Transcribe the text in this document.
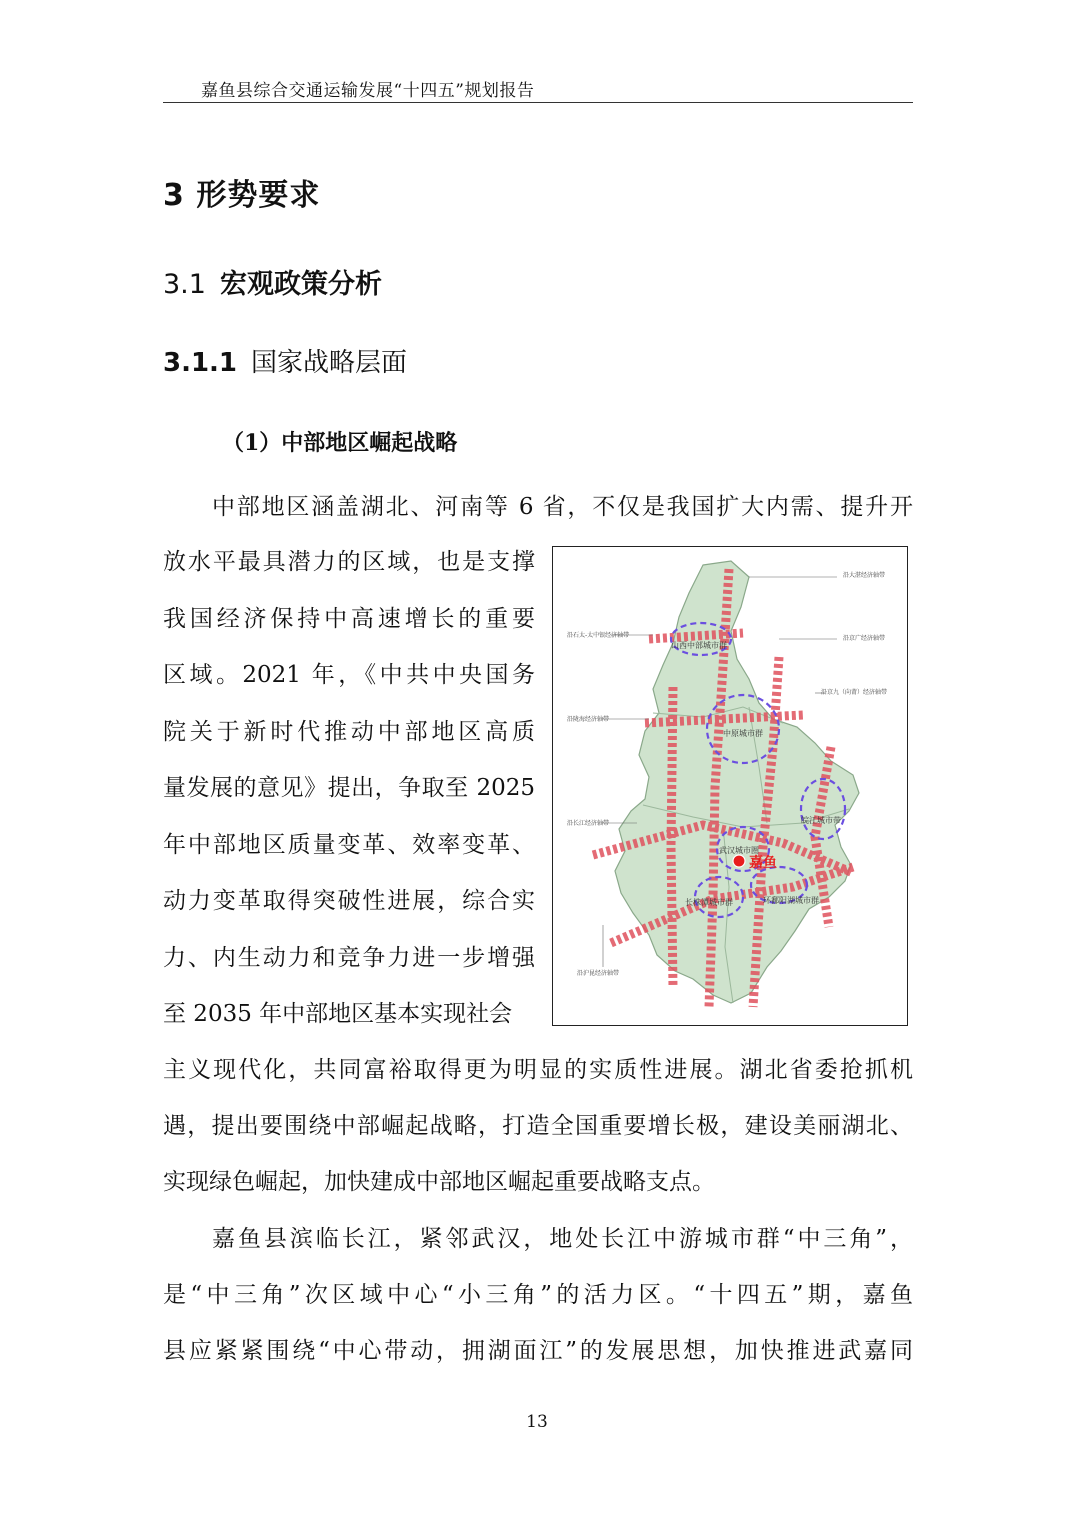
嘉鱼县综合交通运输发展“十四五”规划报告
3 形势要求
3.1 宏观政策分析
3.1.1 国家战略层面
（1）中部地区崛起战略
中部地区涵盖湖北、河南等 6 省，不仅是我国扩大内需、提升开
放水平最具潜力的区域，也是支撑
我国经济保持中高速增长的重要
区域。2021 年，《中共中央国务
院关于新时代推动中部地区高质
量发展的意见》提出，争取至 2025
年中部地区质量变革、效率变革、
动力变革取得突破性进展，综合实
力、内生动力和竞争力进一步增强
至 2035 年中部地区基本实现社会
主义现代化，共同富裕取得更为明显的实质性进展。湖北省委抢抓机
遇，提出要围绕中部崛起战略，打造全国重要增长极，建设美丽湖北、
实现绿色崛起，加快建成中部地区崛起重要战略支点。
嘉鱼县滨临长江，紧邻武汉，地处长江中游城市群“中三角”，
是“中三角”次区域中心“小三角”的活力区。“十四五”期，嘉鱼
县应紧紧围绕“中心带动，拥湖面江”的发展思想，加快推进武嘉同
山西中部城市群
中原城市群
皖江城市带
武汉城市圈
长株潭城市群	环鄱阳湖城市群
沿石太-太中银经济轴带
沿陇海经济轴带
沿长江经济轴带
沿沪昆经济轴带
沿大湛经济轴带
沿京广经济轴带
沿京九（向莆）经济轴带
嘉鱼
13
